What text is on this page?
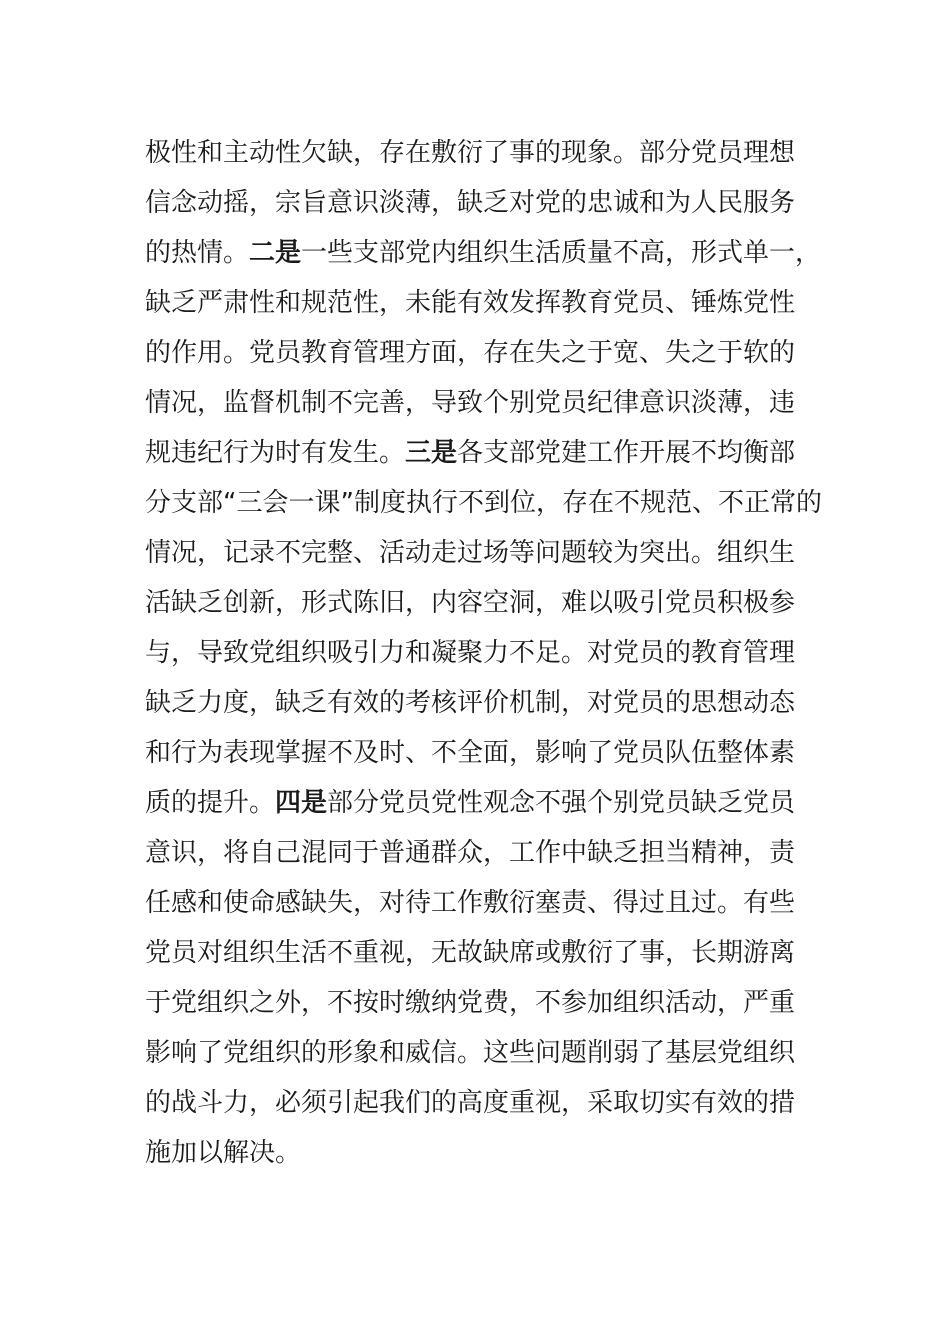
极性和主动性欠缺，存在敷衍了事的现象。部分党员理想
信念动摇，宗旨意识淡薄，缺乏对党的忠诚和为人民服务
的热情。二是一些支部党内组织生活质量不高，形式单一，
缺乏严肃性和规范性，未能有效发挥教育党员、锤炼党性
的作用。党员教育管理方面，存在失之于宽、失之于软的
情况，监督机制不完善，导致个别党员纪律意识淡薄，违
规违纪行为时有发生。三是各支部党建工作开展不均衡部
分支部“三会一课”制度执行不到位，存在不规范、不正常的
情况，记录不完整、活动走过场等问题较为突出。组织生
活缺乏创新，形式陈旧，内容空洞，难以吸引党员积极参
与，导致党组织吸引力和凝聚力不足。对党员的教育管理
缺乏力度，缺乏有效的考核评价机制，对党员的思想动态
和行为表现掌握不及时、不全面，影响了党员队伍整体素
质的提升。四是部分党员党性观念不强个别党员缺乏党员
意识，将自己混同于普通群众，工作中缺乏担当精神，责
任感和使命感缺失，对待工作敷衍塞责、得过且过。有些
党员对组织生活不重视，无故缺席或敷衍了事，长期游离
于党组织之外，不按时缴纳党费，不参加组织活动，严重
影响了党组织的形象和威信。这些问题削弱了基层党组织
的战斗力，必须引起我们的高度重视，采取切实有效的措
施加以解决。
